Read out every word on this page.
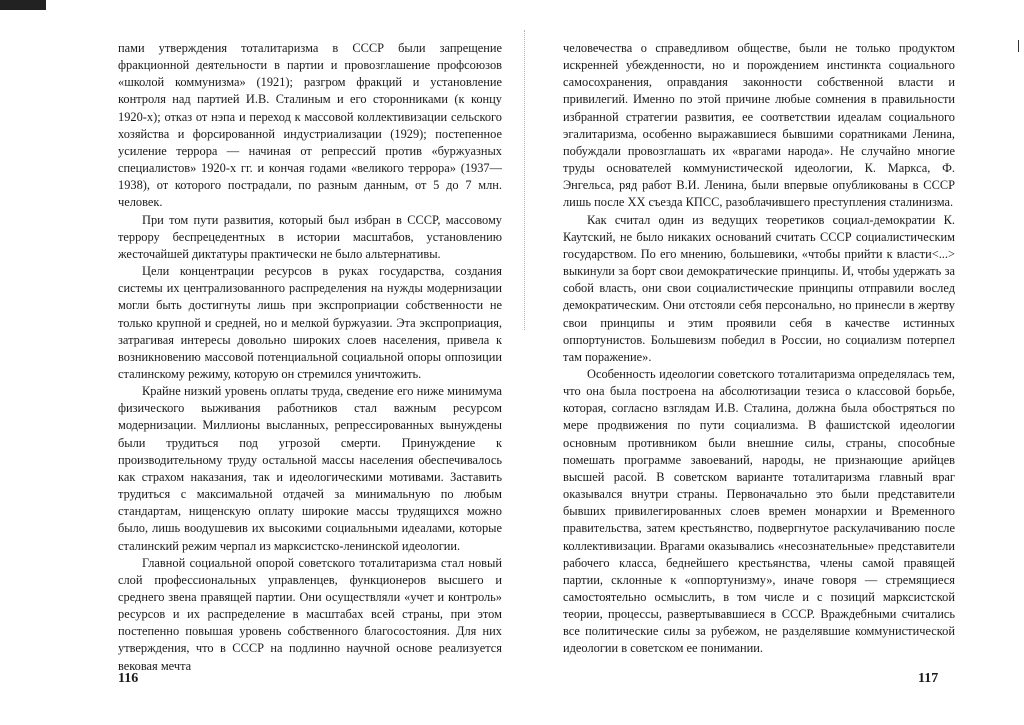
пами утверждения тоталитаризма в СССР были запрещение фракционной деятельности в партии и провозглашение профсоюзов «школой коммунизма» (1921); разгром фракций и установление контроля над партией И.В. Сталиным и его сторонниками (к концу 1920-х); отказ от нэпа и переход к массовой коллективизации сельского хозяйства и форсированной индустриализации (1929); постепенное усиление террора — начиная от репрессий против «буржуазных специалистов» 1920-х гг. и кончая годами «великого террора» (1937—1938), от которого пострадали, по разным данным, от 5 до 7 млн. человек.

При том пути развития, который был избран в СССР, массовому террору беспрецедентных в истории масштабов, установлению жесточайшей диктатуры практически не было альтернативы.

Цели концентрации ресурсов в руках государства, создания системы их централизованного распределения на нужды модернизации могли быть достигнуты лишь при экспроприации собственности не только крупной и средней, но и мелкой буржуазии. Эта экспроприация, затрагивая интересы довольно широких слоев населения, привела к возникновению массовой потенциальной социальной опоры оппозиции сталинскому режиму, которую он стремился уничтожить.

Крайне низкий уровень оплаты труда, сведение его ниже минимума физического выживания работников стал важным ресурсом модернизации. Миллионы высланных, репрессированных вынуждены были трудиться под угрозой смерти. Принуждение к производительному труду остальной массы населения обеспечивалось как страхом наказания, так и идеологическими мотивами. Заставить трудиться с максимальной отдачей за минимальную по любым стандартам, нищенскую оплату широкие массы трудящихся можно было, лишь воодушевив их высокими социальными идеалами, которые сталинский режим черпал из марксистско-ленинской идеологии.

Главной социальной опорой советского тоталитаризма стал новый слой профессиональных управленцев, функционеров высшего и среднего звена правящей партии. Они осуществляли «учет и контроль» ресурсов и их распределение в масштабах всей страны, при этом постепенно повышая уровень собственного благосостояния. Для них утверждения, что в СССР на подлинно научной основе реализуется вековая мечта

116

человечества о справедливом обществе, были не только продуктом искренней убежденности, но и порождением инстинкта социального самосохранения, оправдания законности собственной власти и привилегий. Именно по этой причине любые сомнения в правильности избранной стратегии развития, ее соответствии идеалам социального эгалитаризма, особенно выражавшиеся бывшими соратниками Ленина, побуждали провозглашать их «врагами народа». Не случайно многие труды основателей коммунистической идеологии, К. Маркса, Ф. Энгельса, ряд работ В.И. Ленина, были впервые опубликованы в СССР лишь после XX съезда КПСС, разоблачившего преступления сталинизма.

Как считал один из ведущих теоретиков социал-демократии К. Каутский, не было никаких оснований считать СССР социалистическим государством. По его мнению, большевики, «чтобы прийти к власти<...> выкинули за борт свои демократические принципы. И, чтобы удержать за собой власть, они свои социалистические принципы отправили вослед демократическим. Они отстояли себя персонально, но принесли в жертву свои принципы и этим проявили себя в качестве истинных оппортунистов. Большевизм победил в России, но социализм потерпел там поражение».

Особенность идеологии советского тоталитаризма определялась тем, что она была построена на абсолютизации тезиса о классовой борьбе, которая, согласно взглядам И.В. Сталина, должна была обостряться по мере продвижения по пути социализма. В фашистской идеологии основным противником были внешние силы, страны, способные помешать программе завоеваний, народы, не признающие арийцев высшей расой. В советском варианте тоталитаризма главный враг оказывался внутри страны. Первоначально это были представители бывших привилегированных слоев времен монархии и Временного правительства, затем крестьянство, подвергнутое раскулачиванию после коллективизации. Врагами оказывались «несознательные» представители рабочего класса, беднейшего крестьянства, члены самой правящей партии, склонные к «оппортунизму», иначе говоря — стремящиеся самостоятельно осмыслить, в том числе и с позиций марксистской теории, процессы, развертывавшиеся в СССР. Враждебными считались все политические силы за рубежом, не разделявшие коммунистической идеологии в советском ее понимании.

117
